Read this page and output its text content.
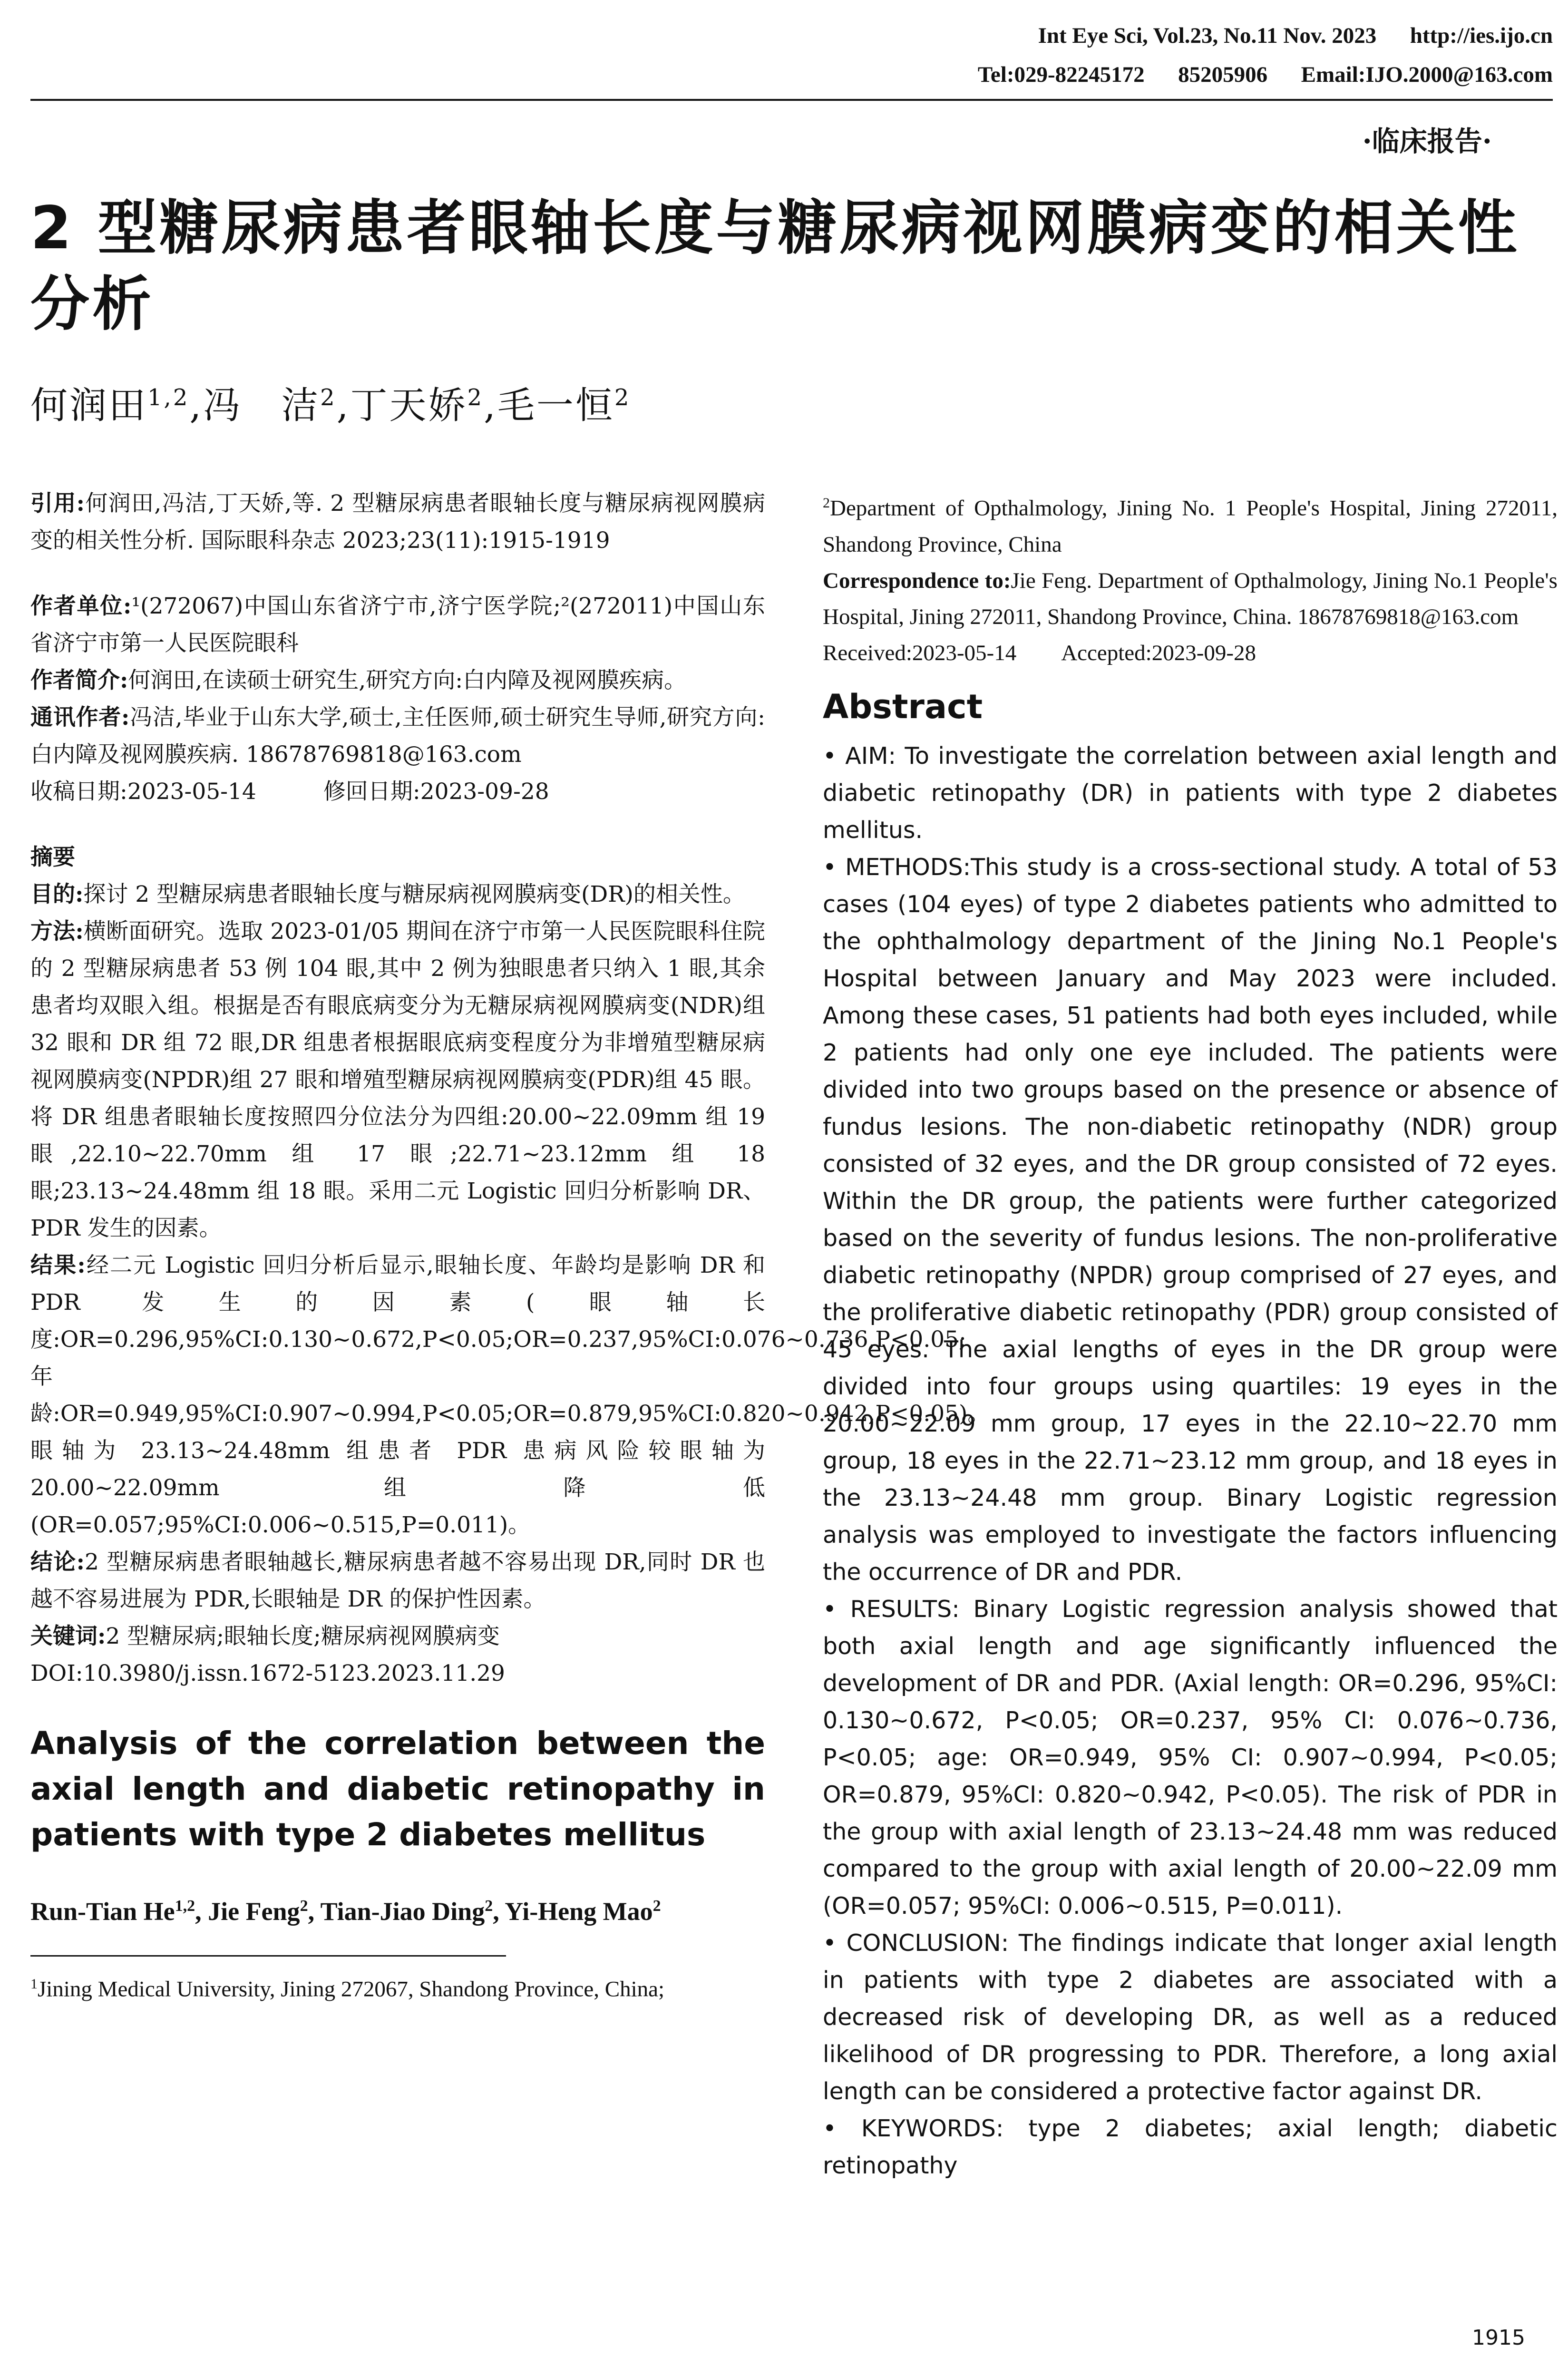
Int Eye Sci, Vol.23, No.11 Nov. 2023      http://ies.ijo.cn
Tel:029-82245172      85205906      Email:IJO.2000@163.com
·临床报告·
2 型糖尿病患者眼轴长度与糖尿病视网膜病变的相关性分析
何润田$^{1,2}$,冯　洁$^2$,丁天娇$^2$,毛一恒$^2$
引用:何润田,冯洁,丁天娇,等. 2 型糖尿病患者眼轴长度与糖尿病视网膜病变的相关性分析. 国际眼科杂志 2023;23(11):1915-1919
作者单位:¹(272067)中国山东省济宁市,济宁医学院;²(272011)中国山东省济宁市第一人民医院眼科
作者简介:何润田,在读硕士研究生,研究方向:白内障及视网膜疾病。
通讯作者:冯洁,毕业于山东大学,硕士,主任医师,硕士研究生导师,研究方向:白内障及视网膜疾病. 18678769818@163.com
收稿日期:2023-05-14   	修回日期:2023-09-28
摘要
目的:探讨 2 型糖尿病患者眼轴长度与糖尿病视网膜病变(DR)的相关性。
方法:横断面研究。选取 2023-01/05 期间在济宁市第一人民医院眼科住院的 2 型糖尿病患者 53 例 104 眼,其中 2 例为独眼患者只纳入 1 眼,其余患者均双眼入组。根据是否有眼底病变分为无糖尿病视网膜病变(NDR)组 32 眼和 DR 组 72 眼,DR 组患者根据眼底病变程度分为非增殖型糖尿病视网膜病变(NPDR)组 27 眼和增殖型糖尿病视网膜病变(PDR)组 45 眼。将 DR 组患者眼轴长度按照四分位法分为四组:20.00~22.09mm 组 19 眼,22.10~22.70mm 组 17 眼;22.71~23.12mm 组 18 眼;23.13~24.48mm 组 18 眼。采用二元 Logistic 回归分析影响 DR、PDR 发生的因素。
结果:经二元 Logistic 回归分析后显示,眼轴长度、年龄均是影响 DR 和 PDR 发生的因素(眼轴长度:OR=0.296,95%CI:0.130~0.672,P<0.05;OR=0.237,95%CI:0.076~0.736,P<0.05;年龄:OR=0.949,95%CI:0.907~0.994,P<0.05;OR=0.879,95%CI:0.820~0.942,P<0.05)。眼轴为 23.13~24.48mm 组患者 PDR 患病风险较眼轴为 20.00~22.09mm 组降低(OR=0.057;95%CI:0.006~0.515,P=0.011)。
结论:2 型糖尿病患者眼轴越长,糖尿病患者越不容易出现 DR,同时 DR 也越不容易进展为 PDR,长眼轴是 DR 的保护性因素。
关键词:2 型糖尿病;眼轴长度;糖尿病视网膜病变
DOI:10.3980/j.issn.1672-5123.2023.11.29
Analysis of the correlation between the axial length and diabetic retinopathy in patients with type 2 diabetes mellitus
Run-Tian He$^{1,2}$, Jie Feng$^2$, Tian-Jiao Ding$^2$, Yi-Heng Mao$^2$
$^1$Jining Medical University, Jining 272067, Shandong Province, China;
$^2$Department of Opthalmology, Jining No. 1 People's Hospital, Jining 272011, Shandong Province, China
Correspondence to:Jie Feng. Department of Opthalmology, Jining No.1 People's Hospital, Jining 272011, Shandong Province, China. 18678769818@163.com
Received:2023-05-14   Accepted:2023-09-28
Abstract

• AIM: To investigate the correlation between axial length and diabetic retinopathy (DR) in patients with type 2 diabetes mellitus.

• METHODS:This study is a cross-sectional study. A total of 53 cases (104 eyes) of type 2 diabetes patients who admitted to the ophthalmology department of the Jining No.1 People's Hospital between January and May 2023 were included. Among these cases, 51 patients had both eyes included, while 2 patients had only one eye included. The patients were divided into two groups based on the presence or absence of fundus lesions. The non-diabetic retinopathy (NDR) group consisted of 32 eyes, and the DR group consisted of 72 eyes. Within the DR group, the patients were further categorized based on the severity of fundus lesions. The non-proliferative diabetic retinopathy (NPDR) group comprised of 27 eyes, and the proliferative diabetic retinopathy (PDR) group consisted of 45 eyes. The axial lengths of eyes in the DR group were divided into four groups using quartiles: 19 eyes in the 20.00~22.09 mm group, 17 eyes in the 22.10~22.70 mm group, 18 eyes in the 22.71~23.12 mm group, and 18 eyes in the 23.13~24.48 mm group. Binary Logistic regression analysis was employed to investigate the factors influencing the occurrence of DR and PDR.

• RESULTS: Binary Logistic regression analysis showed that both axial length and age significantly influenced the development of DR and PDR. (Axial length: OR=0.296, 95%CI: 0.130~0.672, P<0.05; OR=0.237, 95% CI: 0.076~0.736, P<0.05; age: OR=0.949, 95% CI: 0.907~0.994, P<0.05; OR=0.879, 95%CI: 0.820~0.942, P<0.05). The risk of PDR in the group with axial length of 23.13~24.48 mm was reduced compared to the group with axial length of 20.00~22.09 mm (OR=0.057; 95%CI: 0.006~0.515, P=0.011).

• CONCLUSION: The findings indicate that longer axial length in patients with type 2 diabetes are associated with a decreased risk of developing DR, as well as a reduced likelihood of DR progressing to PDR. Therefore, a long axial length can be considered a protective factor against DR.

• KEYWORDS: type 2 diabetes; axial length; diabetic retinopathy

1915
